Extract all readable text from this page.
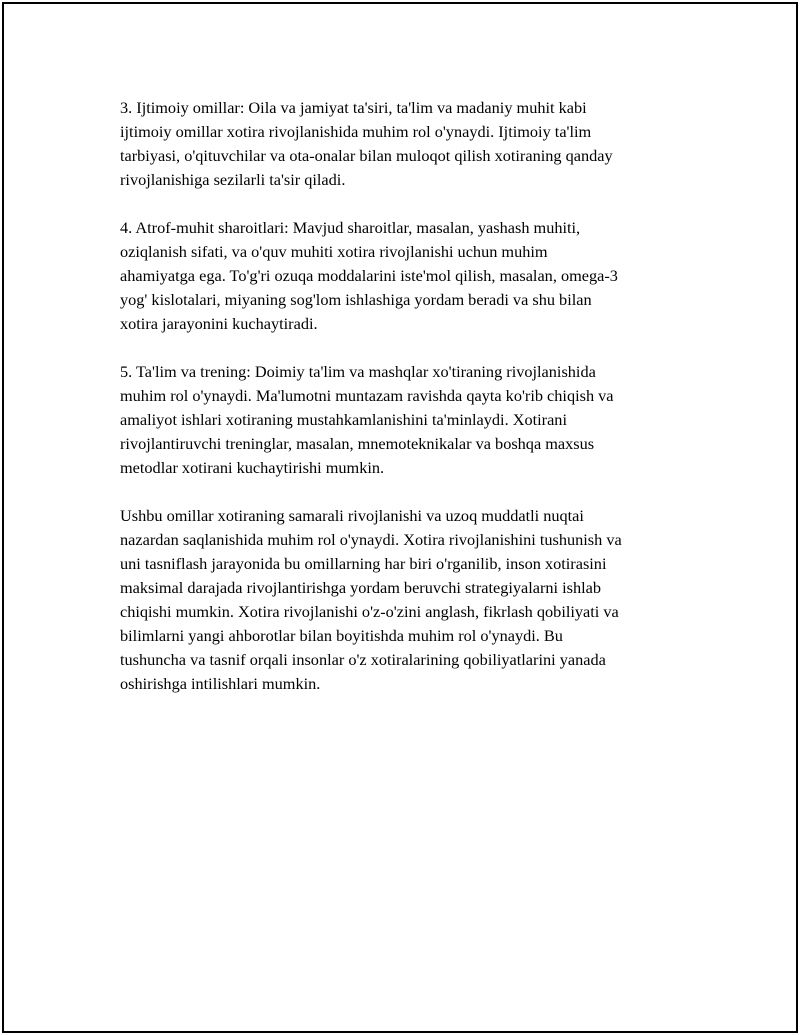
3. Ijtimoiy omillar: Oila va jamiyat ta'siri, ta'lim va madaniy muhit kabi
ijtimoiy omillar xotira rivojlanishida muhim rol o'ynaydi. Ijtimoiy ta'lim
tarbiyasi, o'qituvchilar va ota-onalar bilan muloqot qilish xotiraning qanday
rivojlanishiga sezilarli ta'sir qiladi.

4. Atrof-muhit sharoitlari: Mavjud sharoitlar, masalan, yashash muhiti,
oziqlanish sifati, va o'quv muhiti xotira rivojlanishi uchun muhim
ahamiyatga ega. To'g'ri ozuqa moddalarini iste'mol qilish, masalan, omega-3
yog' kislotalari, miyaning sog'lom ishlashiga yordam beradi va shu bilan
xotira jarayonini kuchaytiradi.

5. Ta'lim va trening: Doimiy ta'lim va mashqlar xo'tiraning rivojlanishida
muhim rol o'ynaydi. Ma'lumotni muntazam ravishda qayta ko'rib chiqish va
amaliyot ishlari xotiraning mustahkamlanishini ta'minlaydi. Xotirani
rivojlantiruvchi treninglar, masalan, mnemoteknikalar va boshqa maxsus
metodlar xotirani kuchaytirishi mumkin.

Ushbu omillar xotiraning samarali rivojlanishi va uzoq muddatli nuqtai
nazardan saqlanishida muhim rol o'ynaydi. Xotira rivojlanishini tushunish va
uni tasniflash jarayonida bu omillarning har biri o'rganilib, inson xotirasini
maksimal darajada rivojlantirishga yordam beruvchi strategiyalarni ishlab
chiqishi mumkin. Xotira rivojlanishi o'z-o'zini anglash, fikrlash qobiliyati va
bilimlarni yangi ahborotlar bilan boyitishda muhim rol o'ynaydi. Bu
tushuncha va tasnif orqali insonlar o'z xotiralarining qobiliyatlarini yanada
oshirishga intilishlari mumkin.
